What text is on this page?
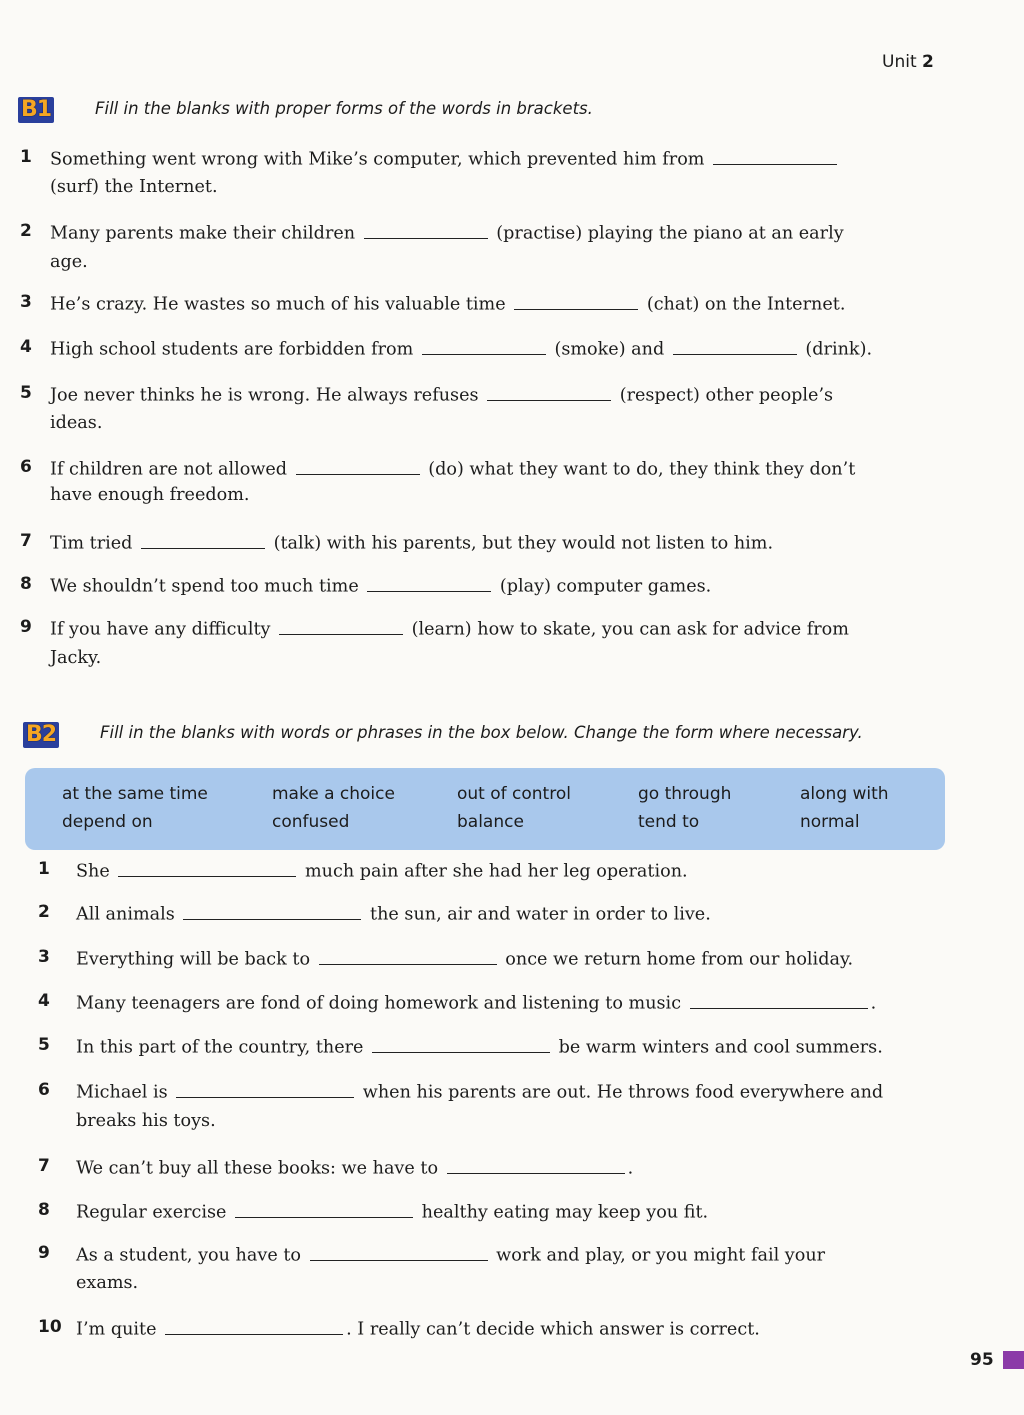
Unit 2
B1	Fill in the blanks with proper forms of the words in brackets.
1 Something went wrong with Mike’s computer, which prevented him from
(surf) the Internet.
2 Many parents make their children	(practise) playing the piano at an early
age.
3 He’s crazy. He wastes so much of his valuable time	(chat) on the Internet.
4 High school students are forbidden from	(smoke) and	(drink).
5 Joe never thinks he is wrong. He always refuses	(respect) other people’s
ideas.
6 If children are not allowed	(do) what they want to do, they think they don’t
have enough freedom.
7 Tim tried	(talk) with his parents, but they would not listen to him.
8 We shouldn’t spend too much time	(play) computer games.
9 If you have any difficulty	(learn) how to skate, you can ask for advice from
Jacky.
B2	Fill in the blanks with words or phrases in the box below. Change the form where necessary.
at the same time
depend on
make a choice
confused
out of control
balance
go through
tend to
along with
normal
1 She	much pain after she had her leg operation.
2 All animals	the sun, air and water in order to live.
3 Everything will be back to	once we return home from our holiday.
4 Many teenagers are fond of doing homework and listening to music	.
5 In this part of the country, there	be warm winters and cool summers.
6 Michael is	when his parents are out. He throws food everywhere and
breaks his toys.
7 We can’t buy all these books: we have to	.
8 Regular exercise	healthy eating may keep you fit.
9 As a student, you have to	work and play, or you might fail your
exams.
10 I’m quite	. I really can’t decide which answer is correct.
95
